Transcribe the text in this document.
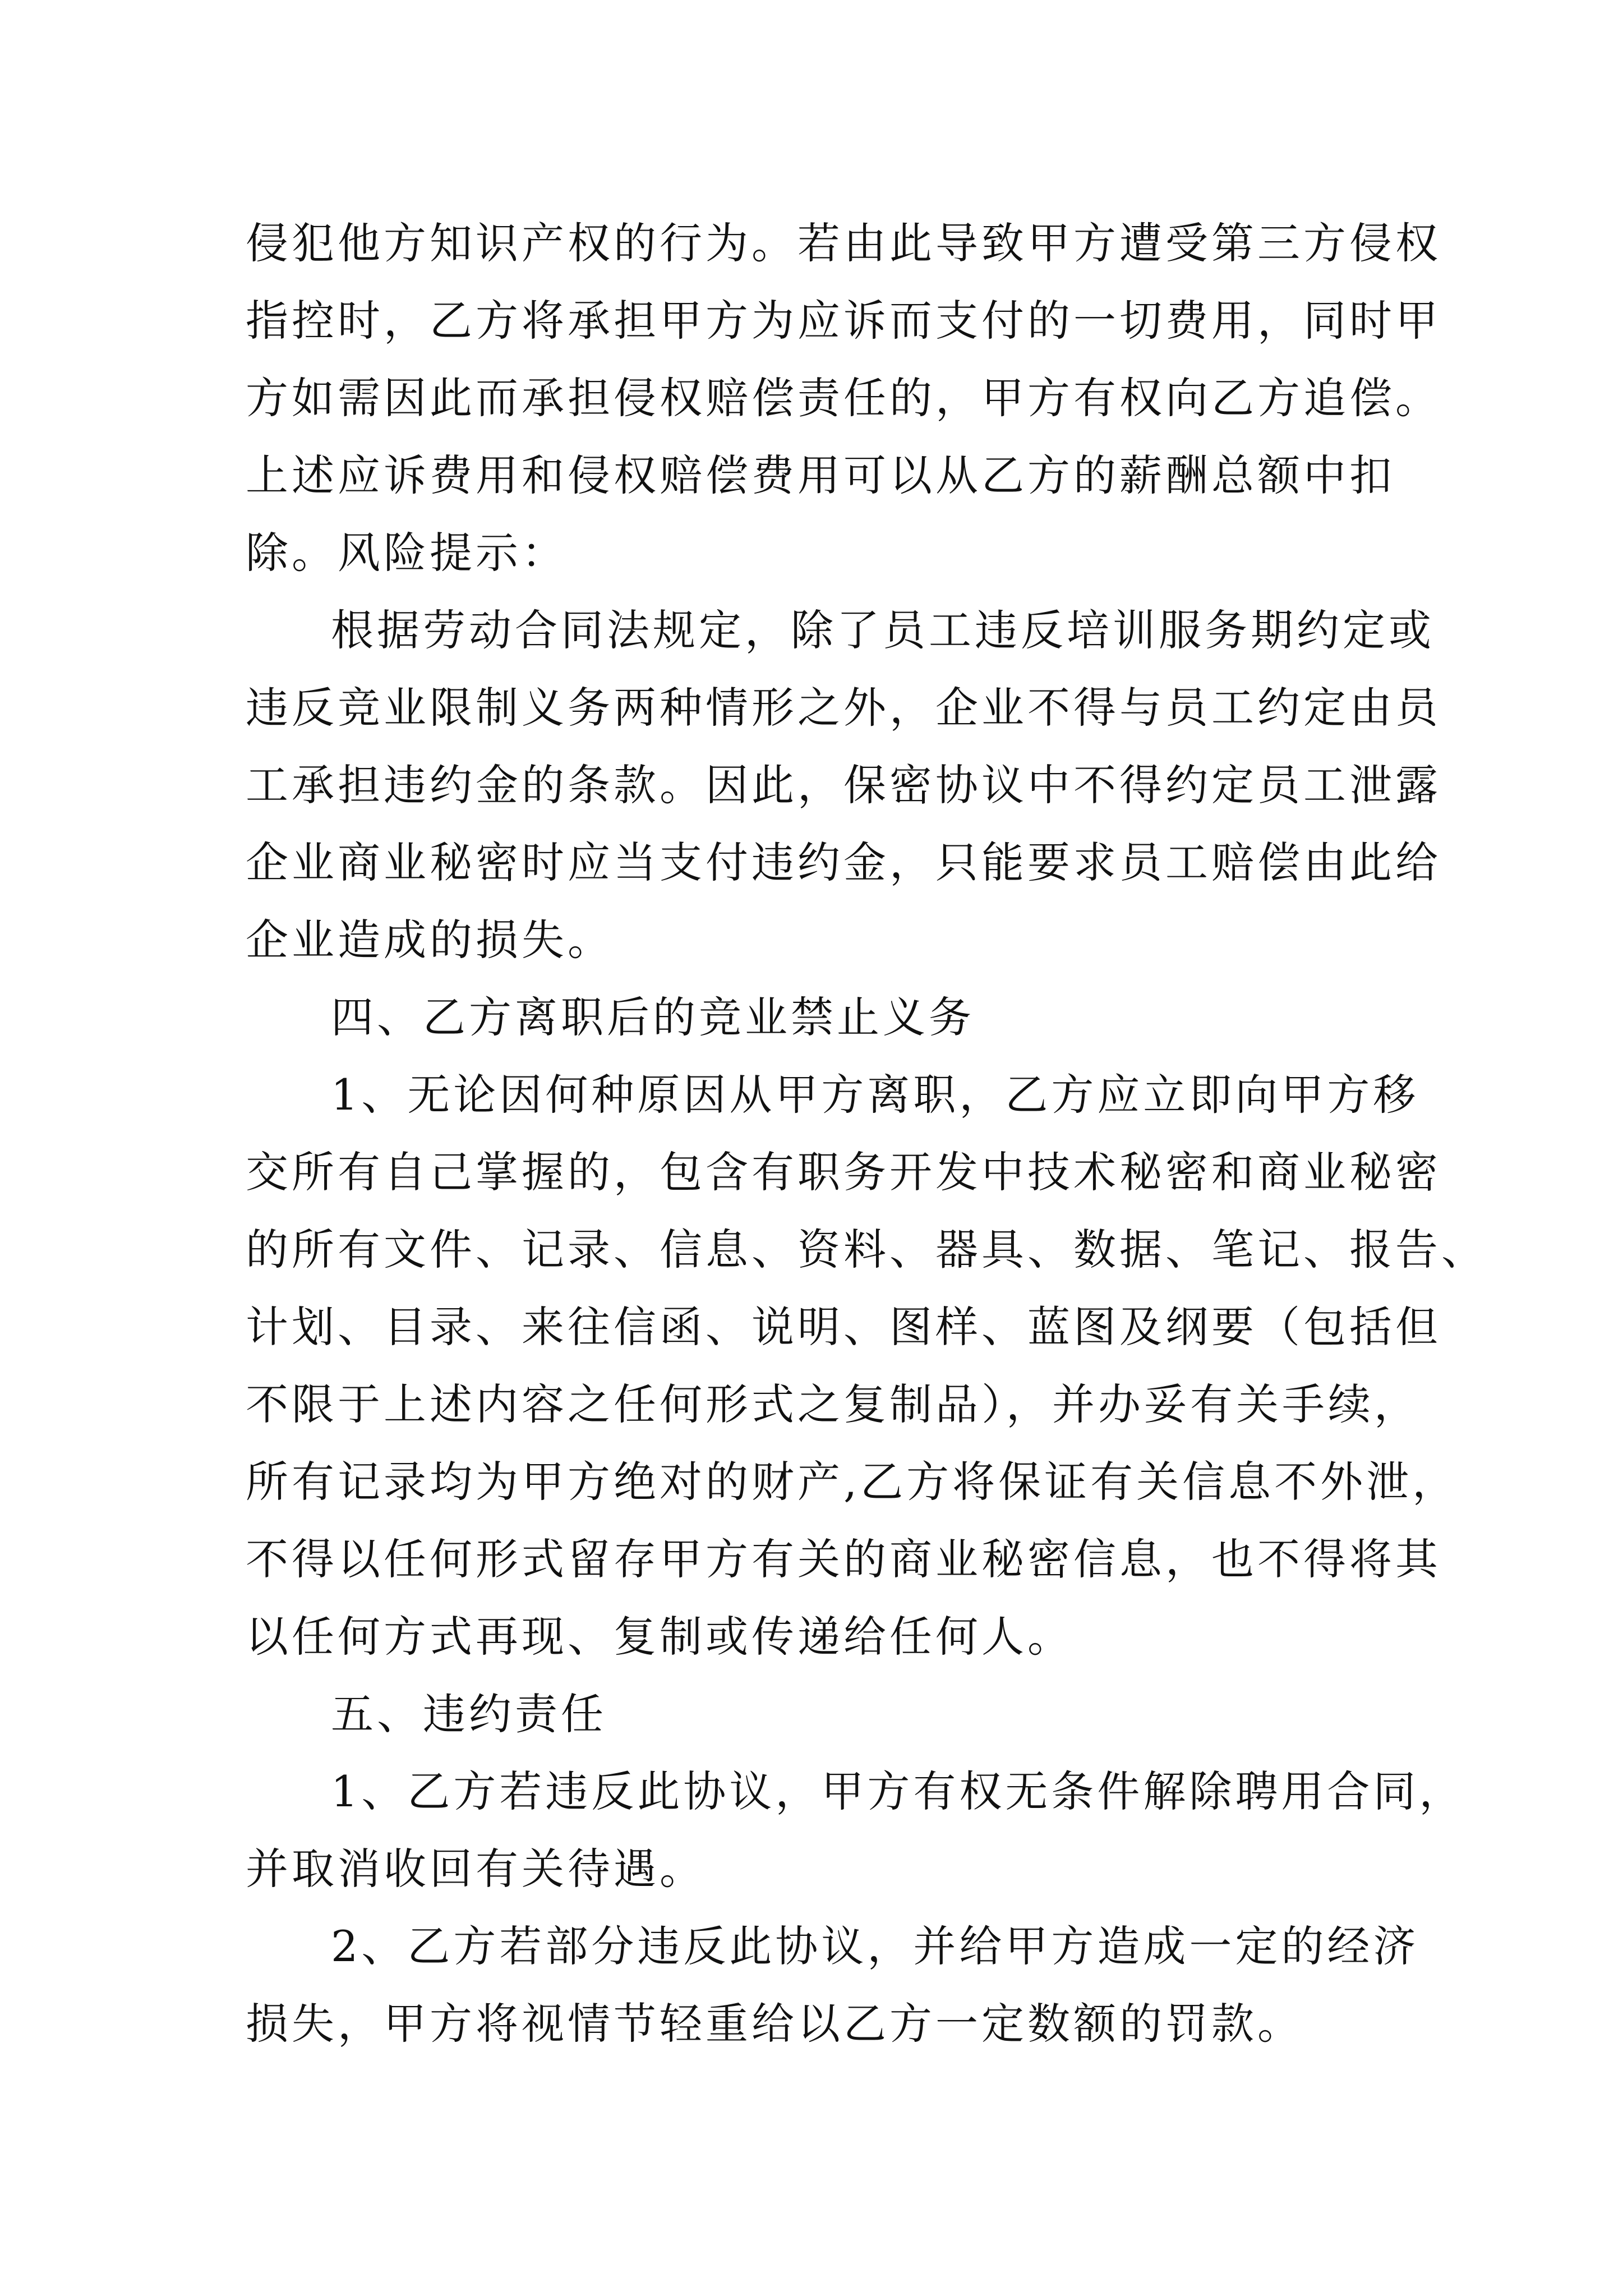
侵犯他方知识产权的行为。若由此导致甲方遭受第三方侵权
指控时，乙方将承担甲方为应诉而支付的一切费用，同时甲
方如需因此而承担侵权赔偿责任的，甲方有权向乙方追偿。
上述应诉费用和侵权赔偿费用可以从乙方的薪酬总额中扣
除。风险提示：
根据劳动合同法规定，除了员工违反培训服务期约定或
违反竞业限制义务两种情形之外，企业不得与员工约定由员
工承担违约金的条款。因此，保密协议中不得约定员工泄露
企业商业秘密时应当支付违约金，只能要求员工赔偿由此给
企业造成的损失。
四、乙方离职后的竞业禁止义务
1、无论因何种原因从甲方离职，乙方应立即向甲方移
交所有自己掌握的，包含有职务开发中技术秘密和商业秘密
的所有文件、记录、信息、资料、器具、数据、笔记、报告、
计划、目录、来往信函、说明、图样、蓝图及纲要（包括但
不限于上述内容之任何形式之复制品），并办妥有关手续，
所有记录均为甲方绝对的财产,乙方将保证有关信息不外泄，
不得以任何形式留存甲方有关的商业秘密信息，也不得将其
以任何方式再现、复制或传递给任何人。
五、违约责任
1、乙方若违反此协议，甲方有权无条件解除聘用合同，
并取消收回有关待遇。
2、乙方若部分违反此协议，并给甲方造成一定的经济
损失，甲方将视情节轻重给以乙方一定数额的罚款。
